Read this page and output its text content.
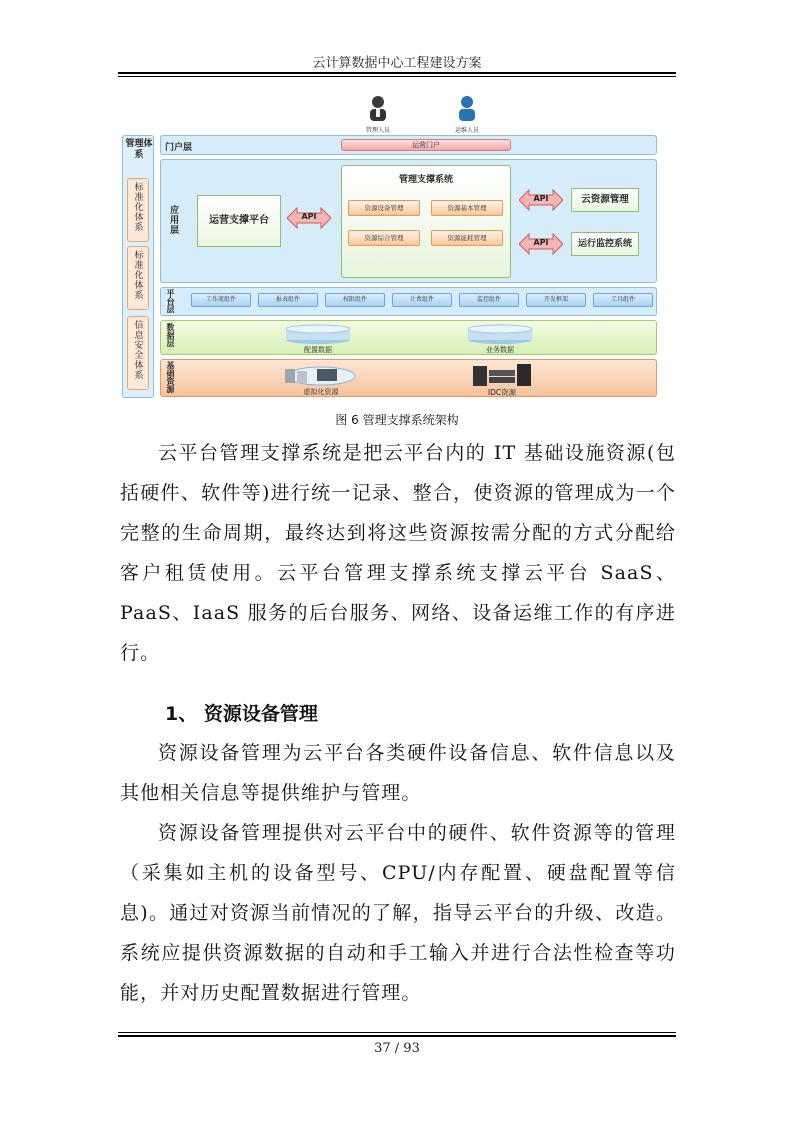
云计算数据中心工程建设方案
管理人员	运维人员
管理体系
标准化体系
标准化体系
信息安全体系
门户层	运营门户
应用层	运营支撑平台	API
管理支撑系统
资源设备管理	资源基本管理
资源综合管理	资源能耗管理
API
API
云资源管理
运行监控系统
平台层	工作流组件	报表组件	权限组件	计费组件	监控组件	开发框架	工具组件
数据层
配置数据	业务数据
基础资源	虚拟化资源	IDC资源
图 6 管理支撑系统架构

云平台管理支撑系统是把云平台内的 IT 基础设施资源(包括硬件、软件等)进行统一记录、整合，使资源的管理成为一个完整的生命周期，最终达到将这些资源按需分配的方式分配给客户租赁使用。云平台管理支撑系统支撑云平台 SaaS、PaaS、IaaS 服务的后台服务、网络、设备运维工作的有序进行。

1、 资源设备管理

资源设备管理为云平台各类硬件设备信息、软件信息以及其他相关信息等提供维护与管理。

资源设备管理提供对云平台中的硬件、软件资源等的管理（采集如主机的设备型号、CPU/内存配置、硬盘配置等信息)。通过对资源当前情况的了解，指导云平台的升级、改造。系统应提供资源数据的自动和手工输入并进行合法性检查等功能，并对历史配置数据进行管理。

37 / 93
